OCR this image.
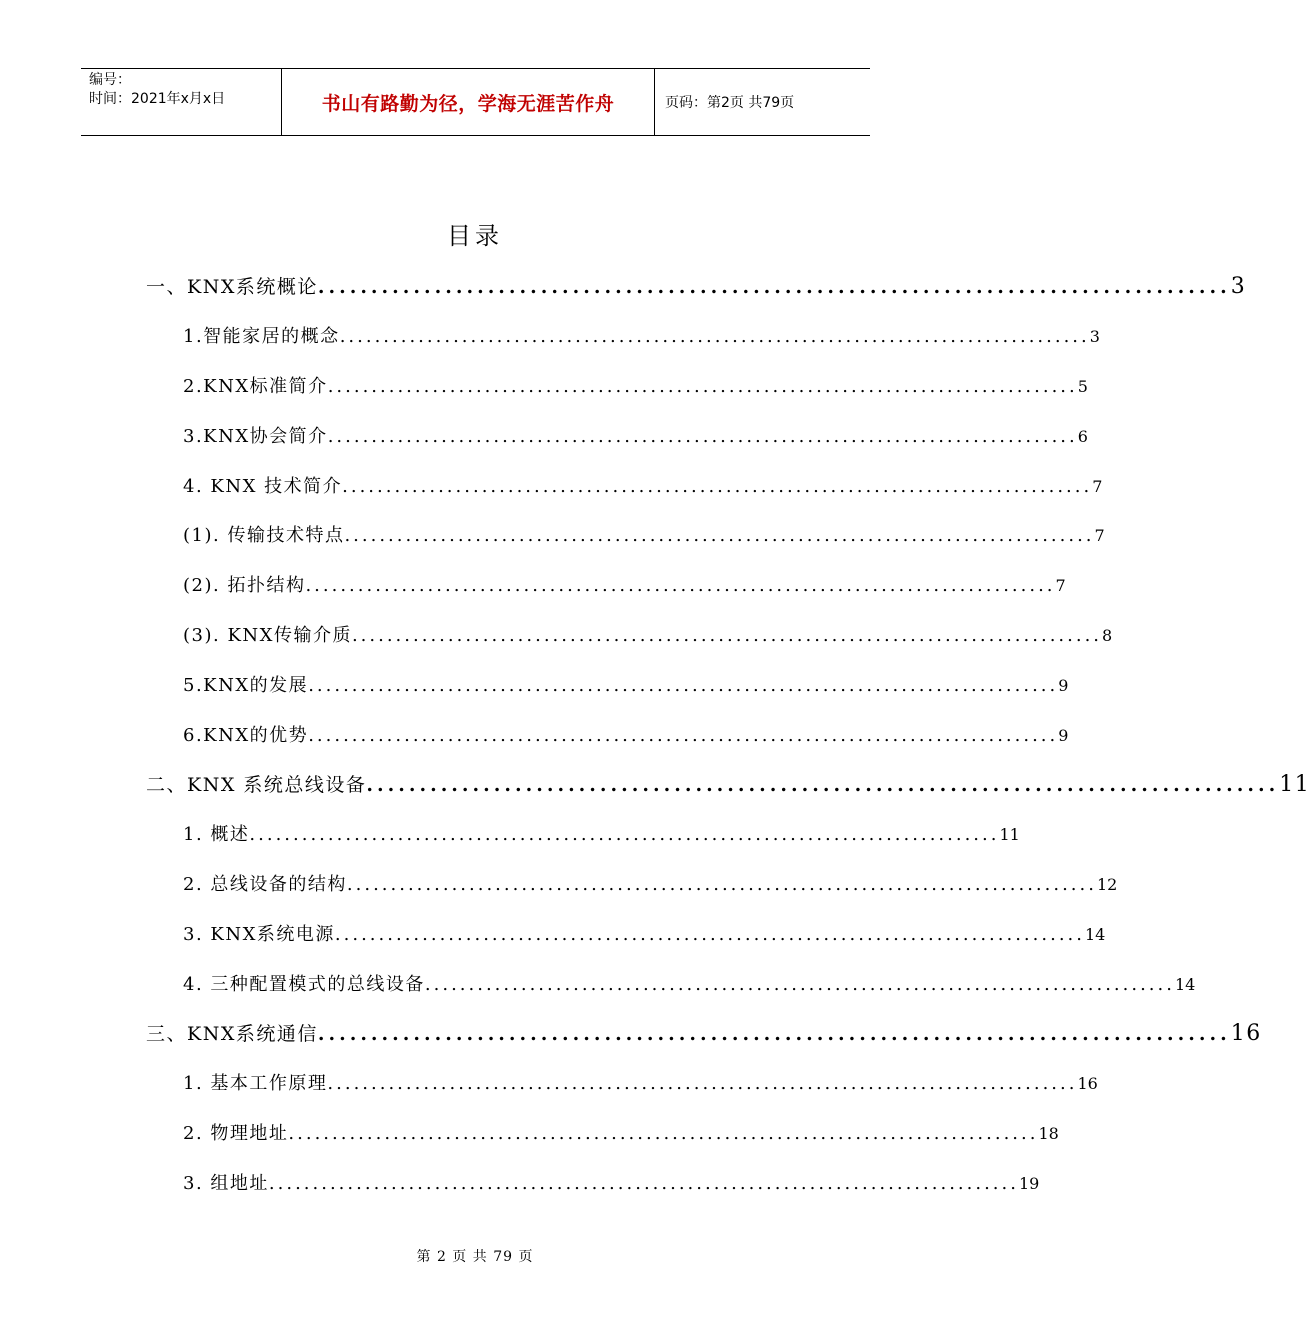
编号：
时间：2021年x月x日	书山有路勤为径，学海无涯苦作舟	页码：第2页 共79页
目录
一、KNX系统概论 ...................................................................................... 3
1.智能家居的概念 ...................................................................................... 3
2.KNX标准简介 ...................................................................................... 5
3.KNX协会简介 ...................................................................................... 6
4. KNX 技术简介 ...................................................................................... 7
(1). 传输技术特点 ...................................................................................... 7
(2). 拓扑结构 ...................................................................................... 7
(3). KNX传输介质 ...................................................................................... 8
5.KNX的发展 ...................................................................................... 9
6.KNX的优势 ...................................................................................... 9
二、KNX 系统总线设备 ...................................................................................... 11
1. 概述 ...................................................................................... 11
2. 总线设备的结构 ...................................................................................... 12
3. KNX系统电源 ...................................................................................... 14
4. 三种配置模式的总线设备 ...................................................................................... 14
三、KNX系统通信 ...................................................................................... 16
1. 基本工作原理 ...................................................................................... 16
2. 物理地址 ...................................................................................... 18
3. 组地址 ...................................................................................... 19
第 2 页 共 79 页
